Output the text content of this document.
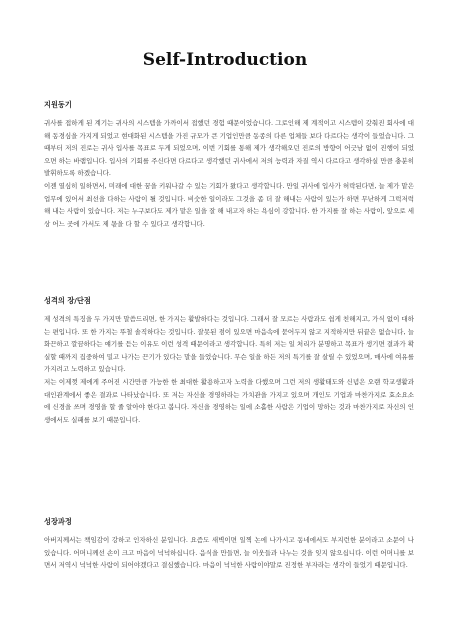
Self-Introduction
지원동기

귀사를 접하게 된 계기는 귀사의 시스템을 가까이서 접했던 경험 때문이었습니다. 그로인해 제 계적이고 시스템이 갖춰진 회사에 대해 동경심을 가지게 되었고 현대화된 시스템을 가진 규모가 큰 기업인만큼 동종의 다른 업체들 보다 다르다는 생각이 들었습니다. 그때부터 저의 진로는 귀사 입사를 목표로 두게 되었으며, 이번 기회를 통해 제가 생각해오던 진로의 방향이 어긋남 없이 진행이 되었으면 하는 바램입니다. 입사의 기회를 주신다면 다르다고 생각했던 귀사에서 저의 능력과 자질 역시 다르다고 생각하실 만큼 충분히 발휘하도록 하겠습니다.

이젠 열심히 일하면서, 미래에 대한 꿈을 키워나갈 수 있는 기회가 왔다고 생각합니다. 만일 귀사에 입사가 허락된다면, 늘 제가 맡은 업무에 있어서 최선을 다하는 사람이 될 것입니다. 비숫한 일이라도 그것을 좀 더 잘 해내는 사람이 있는가 하면 무난하게 그럭저럭 해 내는 사람이 있습니다. 저는 누구보다도 제가 맡은 일을 잘 해 내고자 하는 욕심이 강합니다. 한 가지를 잘 하는 사람이, 앞으로 세상 어느 곳에 가서도 제 몫을 다 할 수 있다고 생각합니다.

성격의 장/단점

제 성격의 특징을 두 가지만 말씀드리면, 한 가지는 활발하다는 것입니다. 그래서 잘 모르는 사람과도 쉽게 친해지고, 가식 없이 대하는 편입니다. 또 한 가지는 뚜철 솔직하다는 것입니다. 잘못된 점이 있으면 마음속에 묻어두지 않고 지적하지만 뒤끝은 없습니다, 늘 화끈하고 깔끔하다는 얘기를 듣는 이유도 이런 성격 때문이라고 생각합니다. 특히 저는 일 처리가 분명하고 목표가 생기면 결과가 확실할 때까지 집중하여 밀고 나가는 끈기가 있다는 말을 들었습니다. 무슨 일을 하든 저의 특기를 잘 살릴 수 있었으며, 매사에 여유를 가지려고 노력하고 있습니다.

저는 이제껏 제에게 주어진 시간만큼 가능한 한 최대한 활용하고자 노력을 다했으며 그런 저의 생활태도와 신념은 오랜 학교생활과 대인관계에서 좋은 결과로 나타났습니다. 또 저는 자신을 경영하라는 가치관을 가지고 있으며 개인도 기업과 마찬가지로 효소요소에 신경을 쓰며 경영을 할 줄 알아야 한다고 봅니다. 자신을 경영하는 일에 소홀한 사람은 기업이 망하는 것과 마찬가지로 자신의 인생에서도 실패를 보기 때문입니다.

성장과정

아버지께서는 책임감이 강하고 인자하신 분입니다. 요즘도 새벽이면 일찍 논에 나가시고 동네에서도 부지런한 분이라고 소문이 나 있습니다. 어머니께선 손이 크고 마음이 넉넉하십니다. 음식을 만들면, 늘 이웃들과 나누는 것을 잊지 않으십니다. 이런 어머니를 보면서 저역시 넉넉한 사람이 되어야겠다고 결심했습니다. 마음이 넉넉한 사람이야말로 진정한 부자라는 생각이 들었기 때문입니다.
